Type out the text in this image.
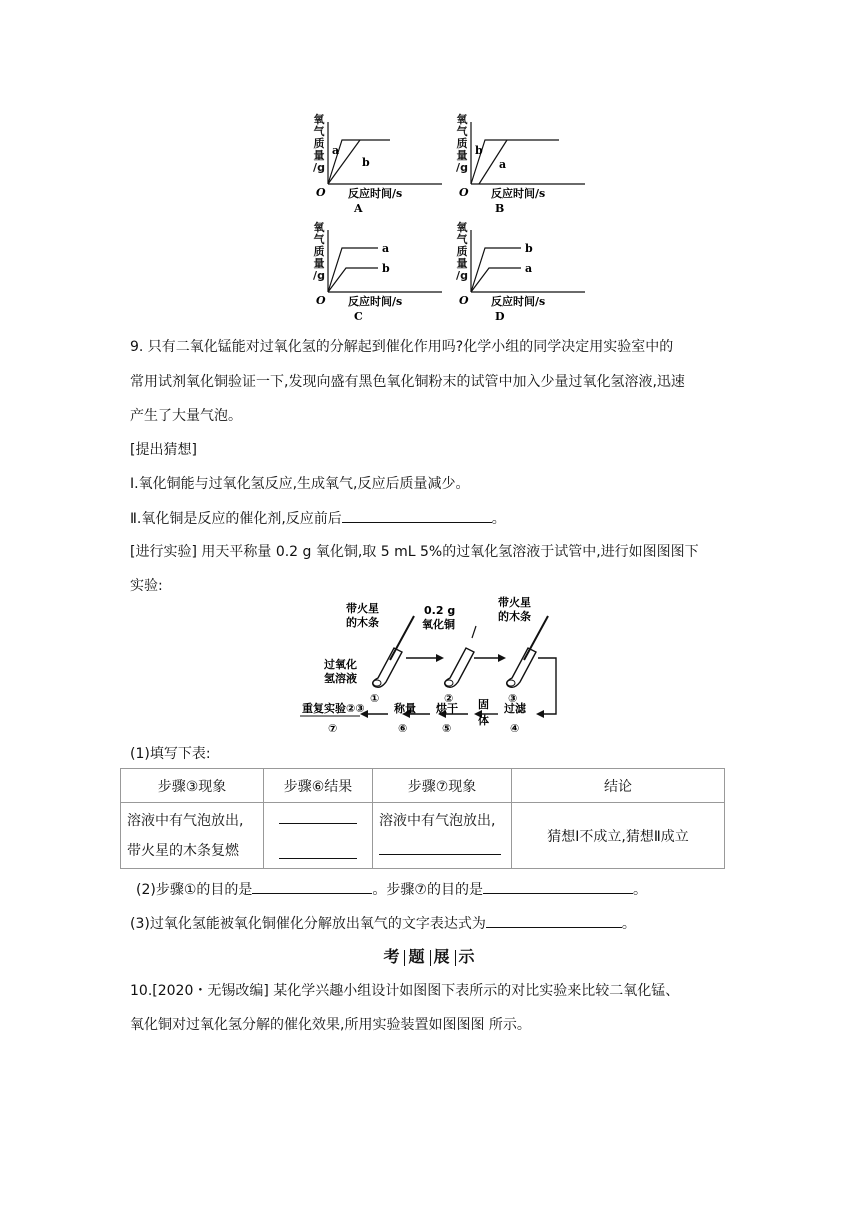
氧
气
质
量
/g
a
b
O 反应时间/s
A
氧
气
质
量
/g
b
a
O 反应时间/s
B
氧
气
质
量
/g
a
b
O 反应时间/s
C
氧
气
质
量
/g
b
a
O 反应时间/s
D
9. 只有二氧化锰能对过氧化氢的分解起到催化作用吗?化学小组的同学决定用实验室中的
常用试剂氧化铜验证一下,发现向盛有黑色氧化铜粉末的试管中加入少量过氧化氢溶液,迅速
产生了大量气泡。
[提出猜想]
Ⅰ.氧化铜能与过氧化氢反应,生成氧气,反应后质量减少。
Ⅱ.氧化铜是反应的催化剂,反应前后	。
[进行实验] 用天平称量 0.2 g 氧化铜,取 5 mL 5%的过氧化氢溶液于试管中,进行如图图图下
实验:
带火星
的木条
过氧化
氢溶液
①
0.2 g
氧化铜
②
带火星
的木条
③
过滤
④
固
体
烘干
⑤
称量
⑥
重复实验②③
⑦
(1)填写下表:
步骤③现象	步骤⑥结果	步骤⑦现象	结论

溶液中有气泡放出,
带火星的木条复燃		溶液中有气泡放出,	猜想Ⅰ不成立,猜想Ⅱ成立
(2)步骤①的目的是	。步骤⑦的目的是	。
(3)过氧化氢能被氧化铜催化分解放出氧气的文字表达式为	。
考 题 展 示
10.[2020・无锡改编] 某化学兴趣小组设计如图图下表所示的对比实验来比较二氧化锰、
氧化铜对过氧化氢分解的催化效果,所用实验装置如图图图 所示。
